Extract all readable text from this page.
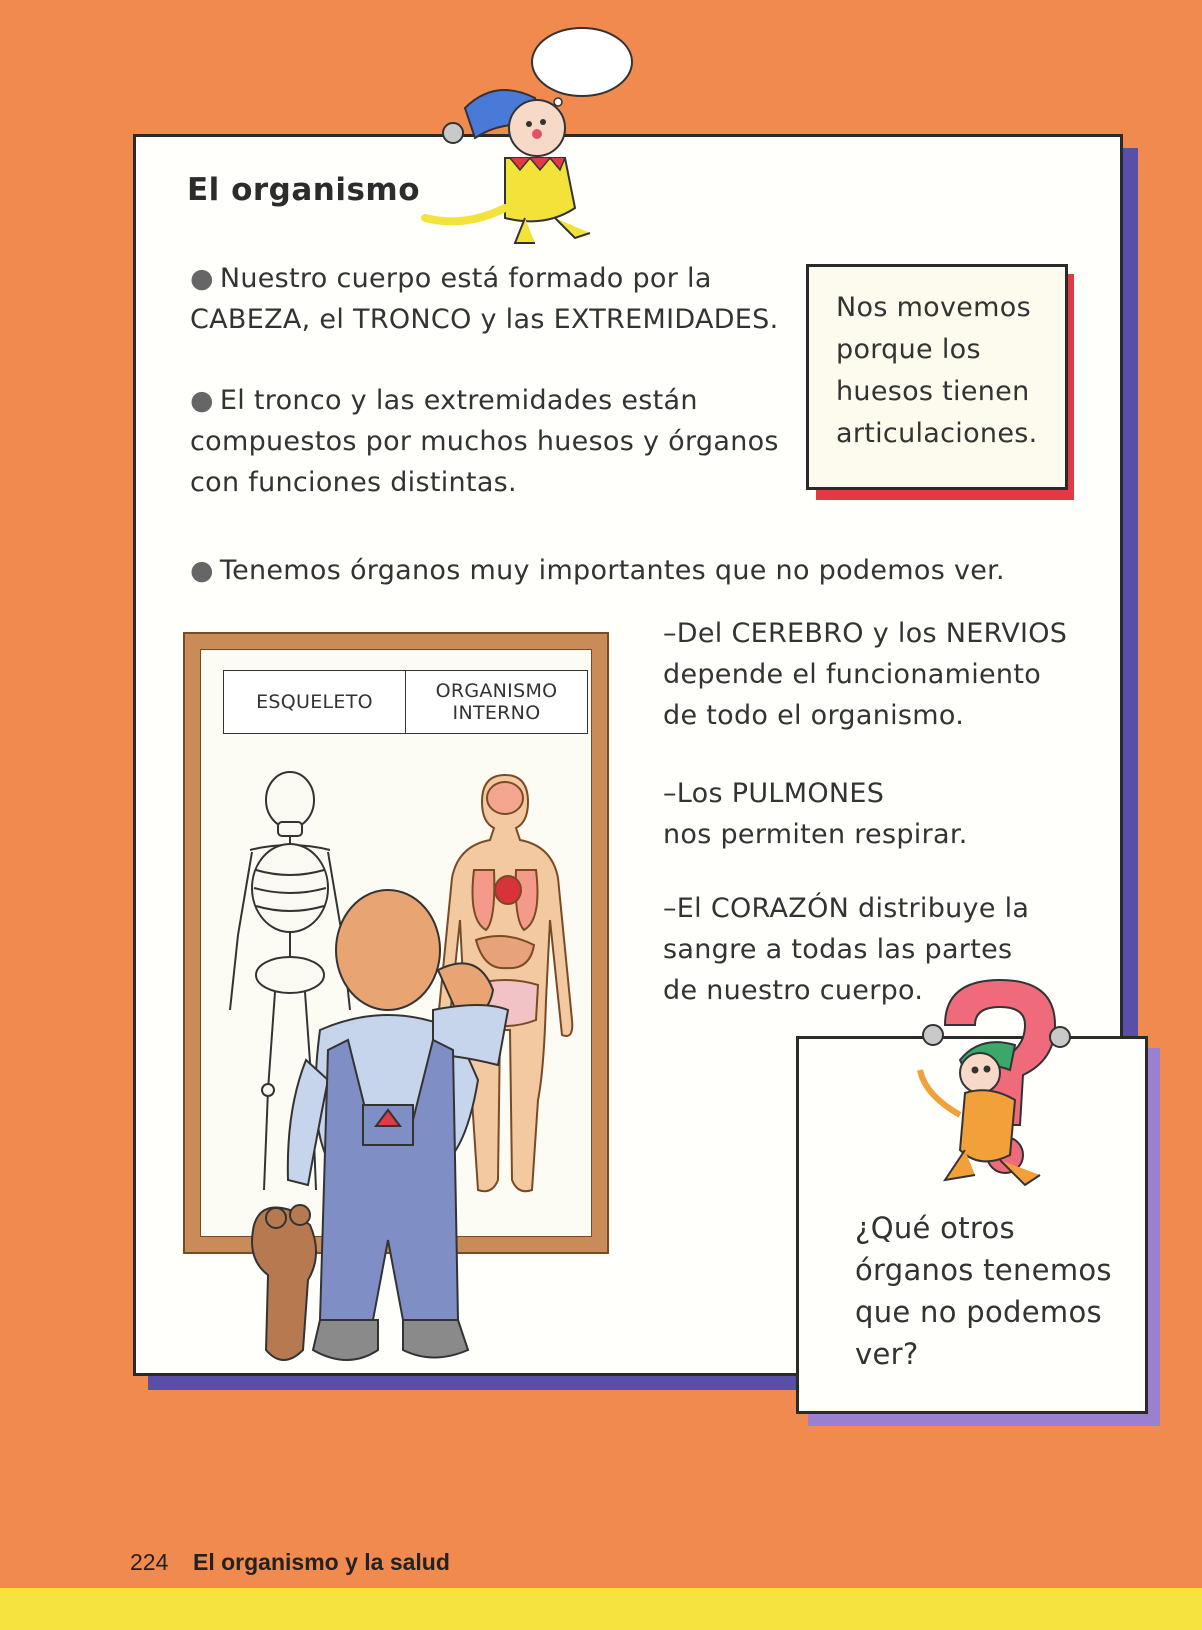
El organismo
● Nuestro cuerpo está formado por la
CABEZA, el TRONCO y las EXTREMIDADES.
● El tronco y las extremidades están
compuestos por muchos huesos y órganos
con funciones distintas.
● Tenemos órganos muy importantes que no podemos ver.
Nos movemos
porque los
huesos tienen
articulaciones.
ESQUELETO	ORGANISMO
INTERNO
–Del CEREBRO y los NERVIOS
depende el funcionamiento
de todo el organismo.
–Los PULMONES
nos permiten respirar.
–El CORAZÓN distribuye la
sangre a todas las partes
de nuestro cuerpo.
¿Qué otros
órganos tenemos
que no podemos
ver?
224 El organismo y la salud
